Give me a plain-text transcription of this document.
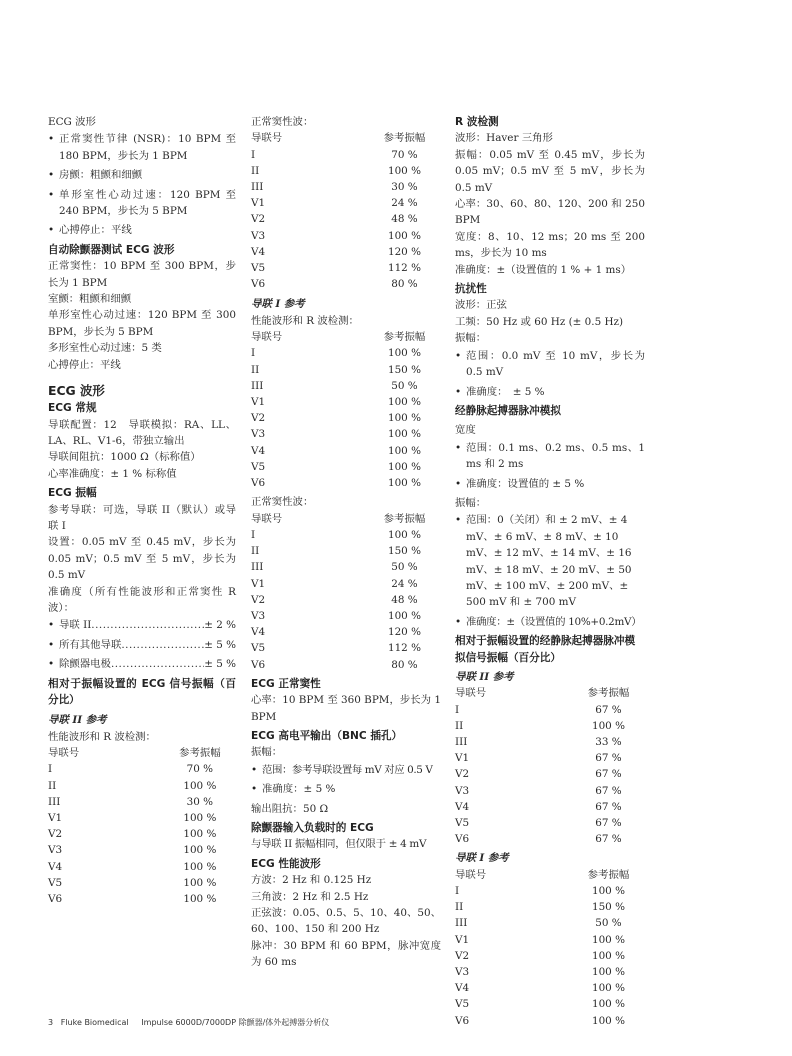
ECG 波形

• 正常窦性节律 (NSR)：10 BPM 至 180 BPM，步长为 1 BPM
• 房颤：粗颤和细颤
• 单形室性心动过速：120 BPM 至 240 BPM，步长为 5 BPM
• 心搏停止：平线

自动除颤器测试 ECG 波形

正常窦性：10 BPM 至 300 BPM，步长为 1 BPM

室颤：粗颤和细颤

单形室性心动过速：120 BPM 至 300 BPM，步长为 5 BPM

多形室性心动过速：5 类

心搏停止：平线

ECG 波形

ECG 常规

导联配置：12　导联模拟：RA、LL、LA、RL、V1-6，带独立输出

导联间阻抗：1000 Ω（标称值）

心率准确度：± 1 % 标称值

ECG 振幅

参考导联：可选，导联 II（默认）或导联 I

设置：0.05 mV 至 0.45 mV，步长为 0.05 mV；0.5 mV 至 5 mV，步长为 0.5 mV

准确度（所有性能波形和正常窦性 R 波）：

• 导联 II .....	± 2 %
• 所有其他导联 .....	± 5 %
• 除颤器电极 .....	± 5 %

相对于振幅设置的 ECG 信号振幅（百分比）

导联 II 参考

性能波形和 R 波检测：

导联号	参考振幅
I	70 %
II	100 %
III	30 %
V1	100 %
V2	100 %
V3	100 %
V4	100 %
V5	100 %
V6	100 %

正常窦性波：

导联号	参考振幅
I	70 %
II	100 %
III	30 %
V1	24 %
V2	48 %
V3	100 %
V4	120 %
V5	112 %
V6	80 %

导联 I 参考

性能波形和 R 波检测：

导联号	参考振幅
I	100 %
II	150 %
III	50 %
V1	100 %
V2	100 %
V3	100 %
V4	100 %
V5	100 %
V6	100 %

正常窦性波：

导联号	参考振幅
I	100 %
II	150 %
III	50 %
V1	24 %
V2	48 %
V3	100 %
V4	120 %
V5	112 %
V6	80 %

ECG 正常窦性

心率：10 BPM 至 360 BPM，步长为 1 BPM

ECG 高电平输出（BNC 插孔）

振幅：

• 范围：参考导联设置每 mV 对应 0.5 V
• 准确度：± 5 %

输出阻抗：50 Ω

除颤器输入负载时的 ECG

与导联 II 振幅相同，但仅限于 ± 4 mV

ECG 性能波形

方波：2 Hz 和 0.125 Hz

三角波：2 Hz 和 2.5 Hz

正弦波：0.05、0.5、5、10、40、50、60、100、150 和 200 Hz

脉冲：30 BPM 和 60 BPM，脉冲宽度为 60 ms

R 波检测

波形：Haver 三角形

振幅：0.05 mV 至 0.45 mV，步长为 0.05 mV；0.5 mV 至 5 mV，步长为 0.5 mV

心率：30、60、80、120、200 和 250 BPM

宽度：8、10、12 ms；20 ms 至 200 ms，步长为 10 ms

准确度：±（设置值的 1 % + 1 ms）

抗扰性

波形：正弦

工频：50 Hz 或 60 Hz (± 0.5 Hz)

振幅：

• 范围：0.0 mV 至 10 mV，步长为 0.5 mV
• 准确度：　± 5 %

经静脉起搏器脉冲模拟

宽度

• 范围：0.1 ms、0.2 ms、0.5 ms、1 ms 和 2 ms
• 准确度：设置值的 ± 5 %

振幅：

• 范围：0（关闭）和 ± 2 mV、± 4 mV、± 6 mV、± 8 mV、± 10 mV、± 12 mV、± 14 mV、± 16 mV、± 18 mV、± 20 mV、± 50 mV、± 100 mV、± 200 mV、± 500 mV 和 ± 700 mV
• 准确度：±（设置值的 10%+0.2mV）

相对于振幅设置的经静脉起搏器脉冲模拟信号振幅（百分比）

导联 II 参考

导联号	参考振幅
I	67 %
II	100 %
III	33 %
V1	67 %
V2	67 %
V3	67 %
V4	67 %
V5	67 %
V6	67 %

导联 I 参考

导联号	参考振幅
I	100 %
II	150 %
III	50 %
V1	100 %
V2	100 %
V3	100 %
V4	100 %
V5	100 %
V6	100 %
3 Fluke Biomedical Impulse 6000D/7000DP 除颤器/体外起搏器分析仪
